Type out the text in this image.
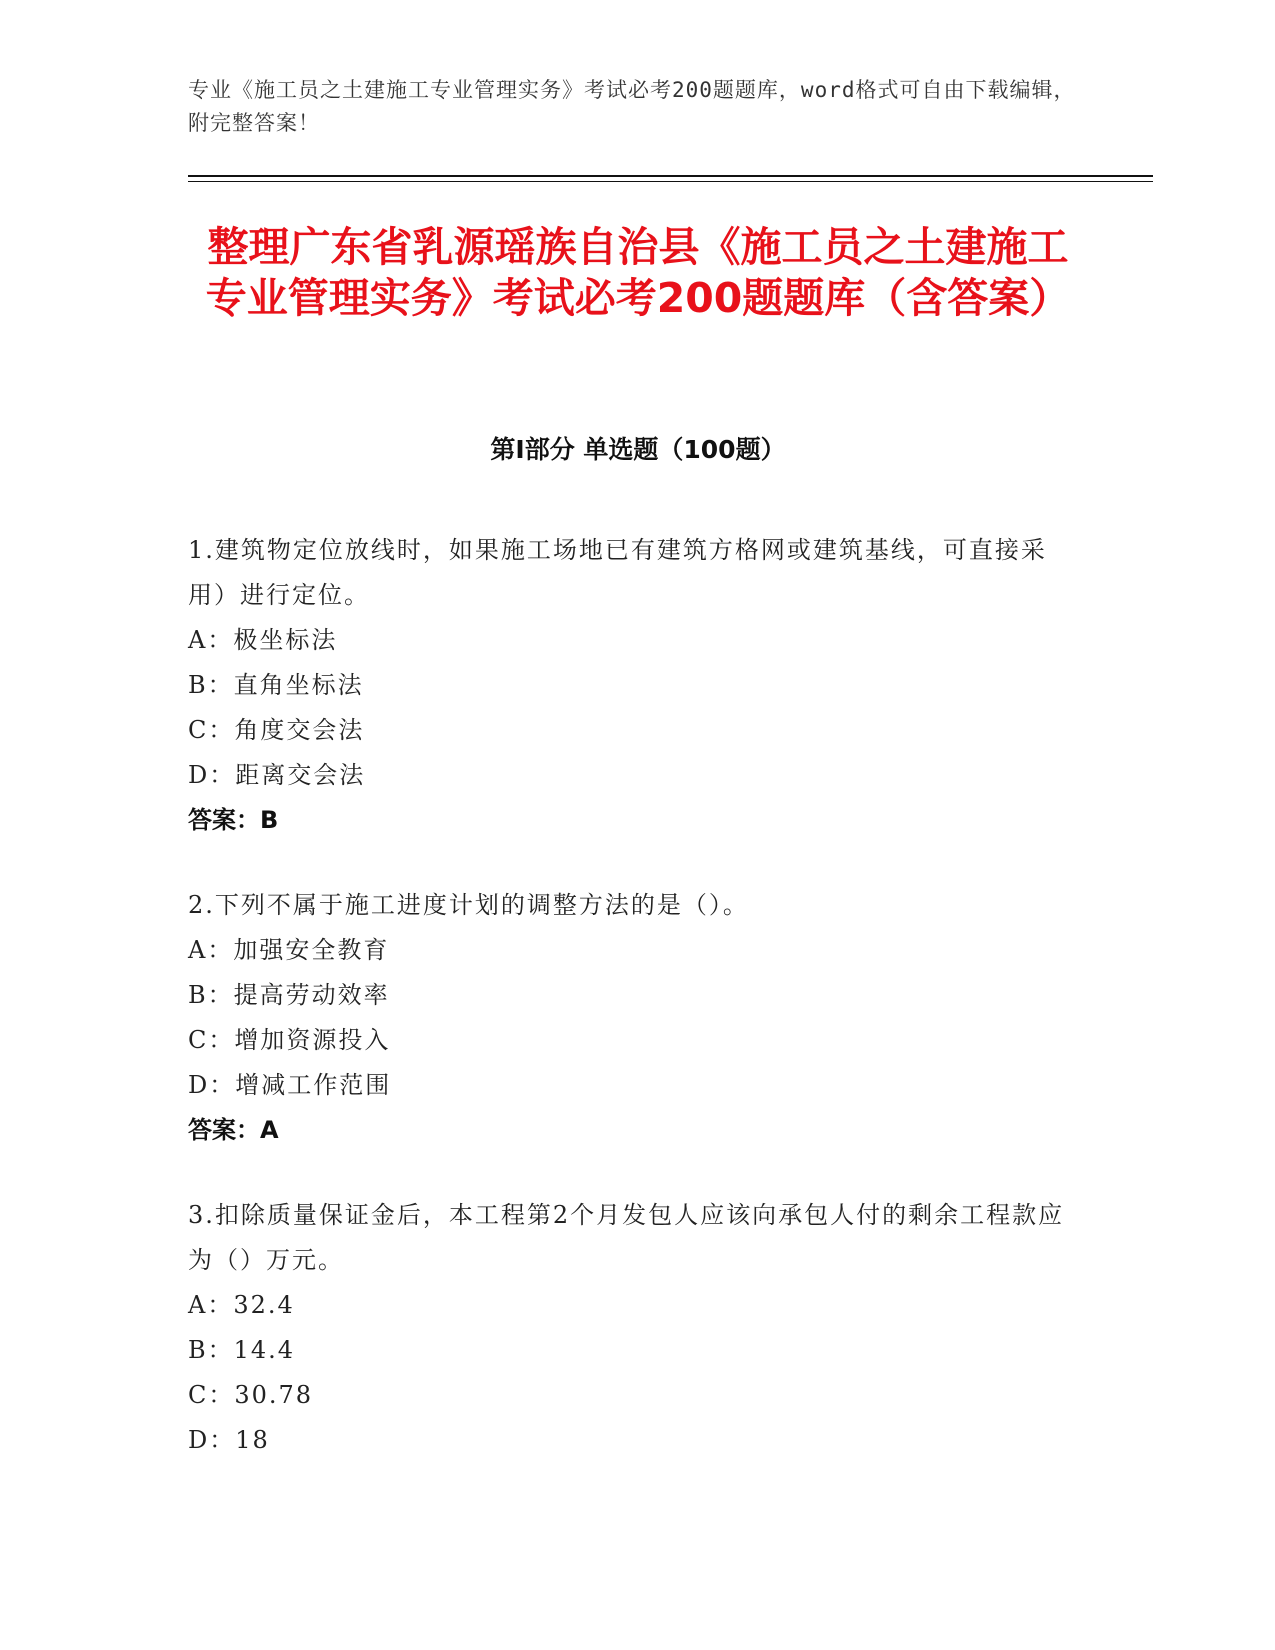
专业《施工员之土建施工专业管理实务》考试必考200题题库，word格式可自由下载编辑，附完整答案！
整理广东省乳源瑶族自治县《施工员之土建施工专业管理实务》考试必考200题题库（含答案）
第I部分 单选题（100题）

1.建筑物定位放线时，如果施工场地已有建筑方格网或建筑基线，可直接采用）进行定位。

A：极坐标法

B：直角坐标法

C：角度交会法

D：距离交会法

答案：B

2.下列不属于施工进度计划的调整方法的是（）。

A：加强安全教育

B：提高劳动效率

C：增加资源投入

D：增减工作范围

答案：A

3.扣除质量保证金后，本工程第2个月发包人应该向承包人付的剩余工程款应为（）万元。

A：32.4

B：14.4

C：30.78

D：18
